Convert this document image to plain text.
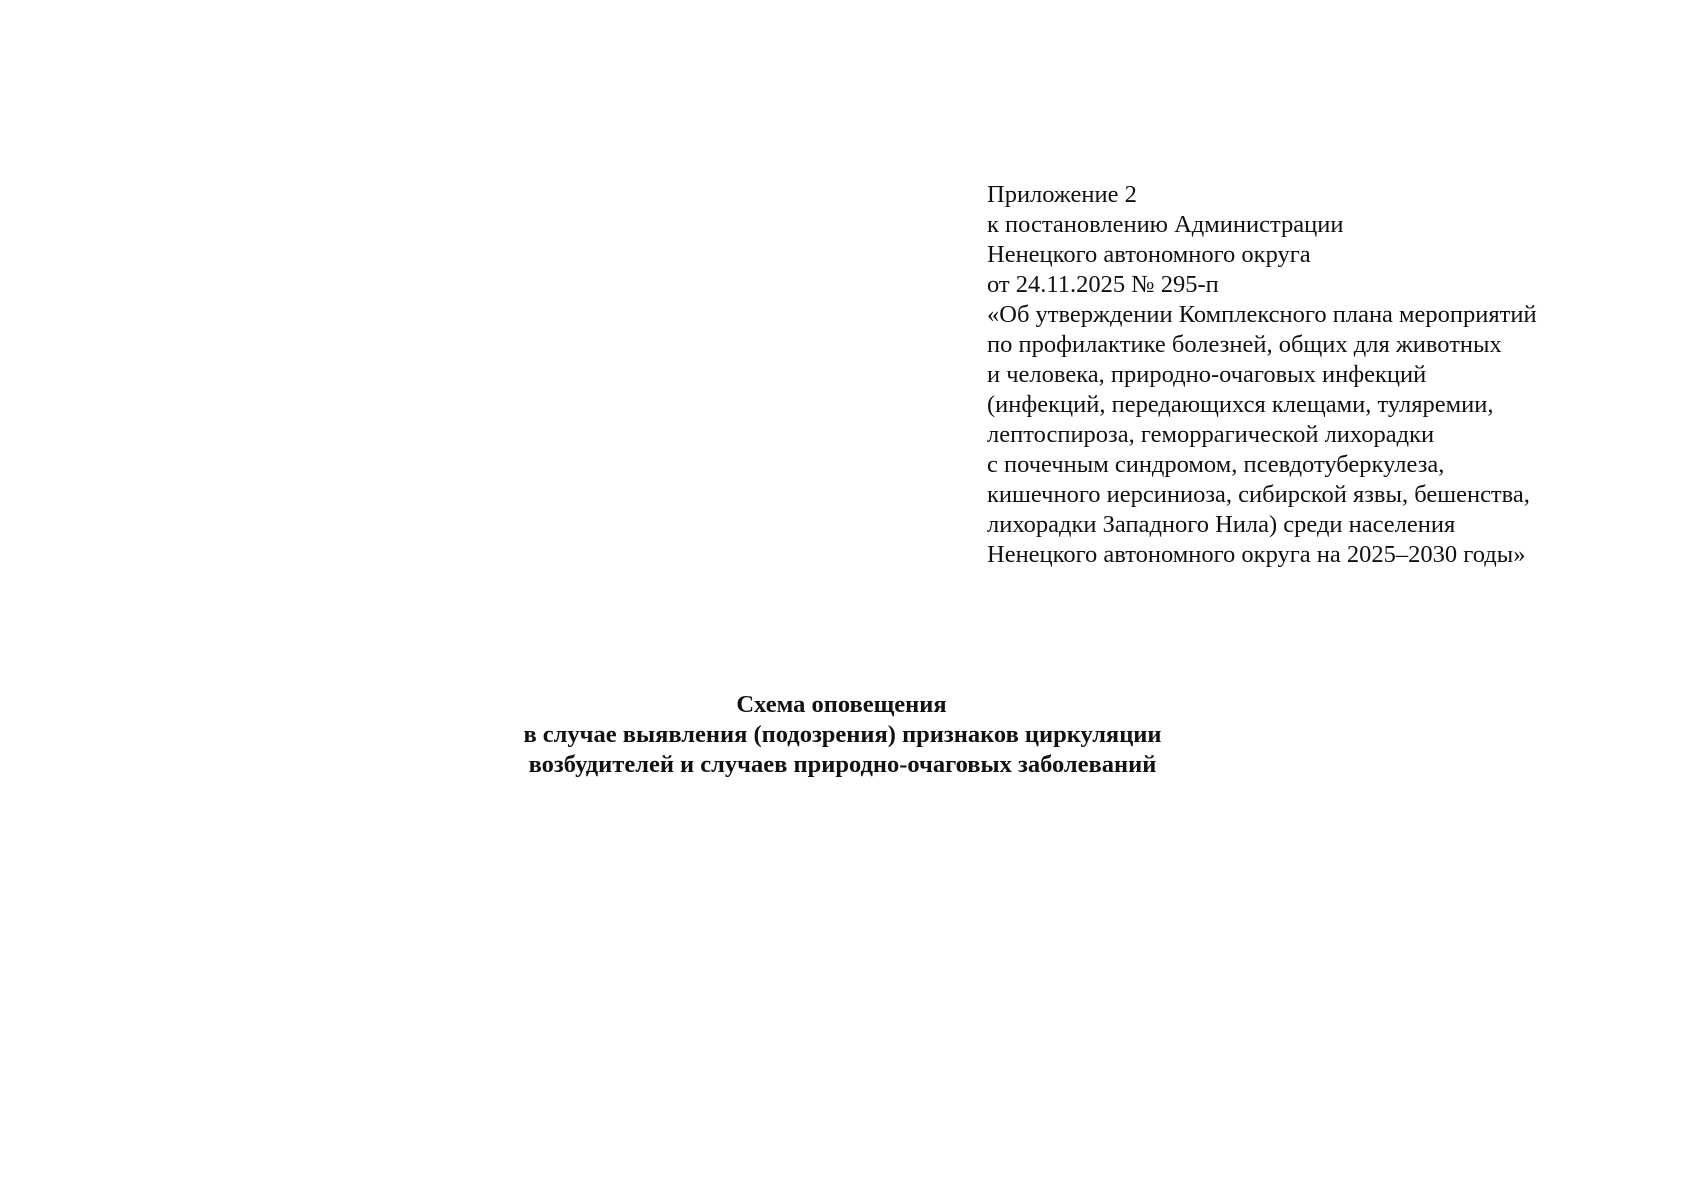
Приложение 2
к постановлению Администрации
Ненецкого автономного округа
от 24.11.2025 № 295-п
«Об утверждении Комплексного плана мероприятий
по профилактике болезней, общих для животных
и человека, природно-очаговых инфекций
(инфекций, передающихся клещами, туляремии,
лептоспироза, геморрагической лихорадки
с почечным синдромом, псевдотуберкулеза,
кишечного иерсиниоза, сибирской язвы, бешенства,
лихорадки Западного Нила) среди населения
Ненецкого автономного округа на 2025–2030 годы»
Схема оповещения
в случае выявления (подозрения) признаков циркуляции
возбудителей и случаев природно-очаговых заболеваний
